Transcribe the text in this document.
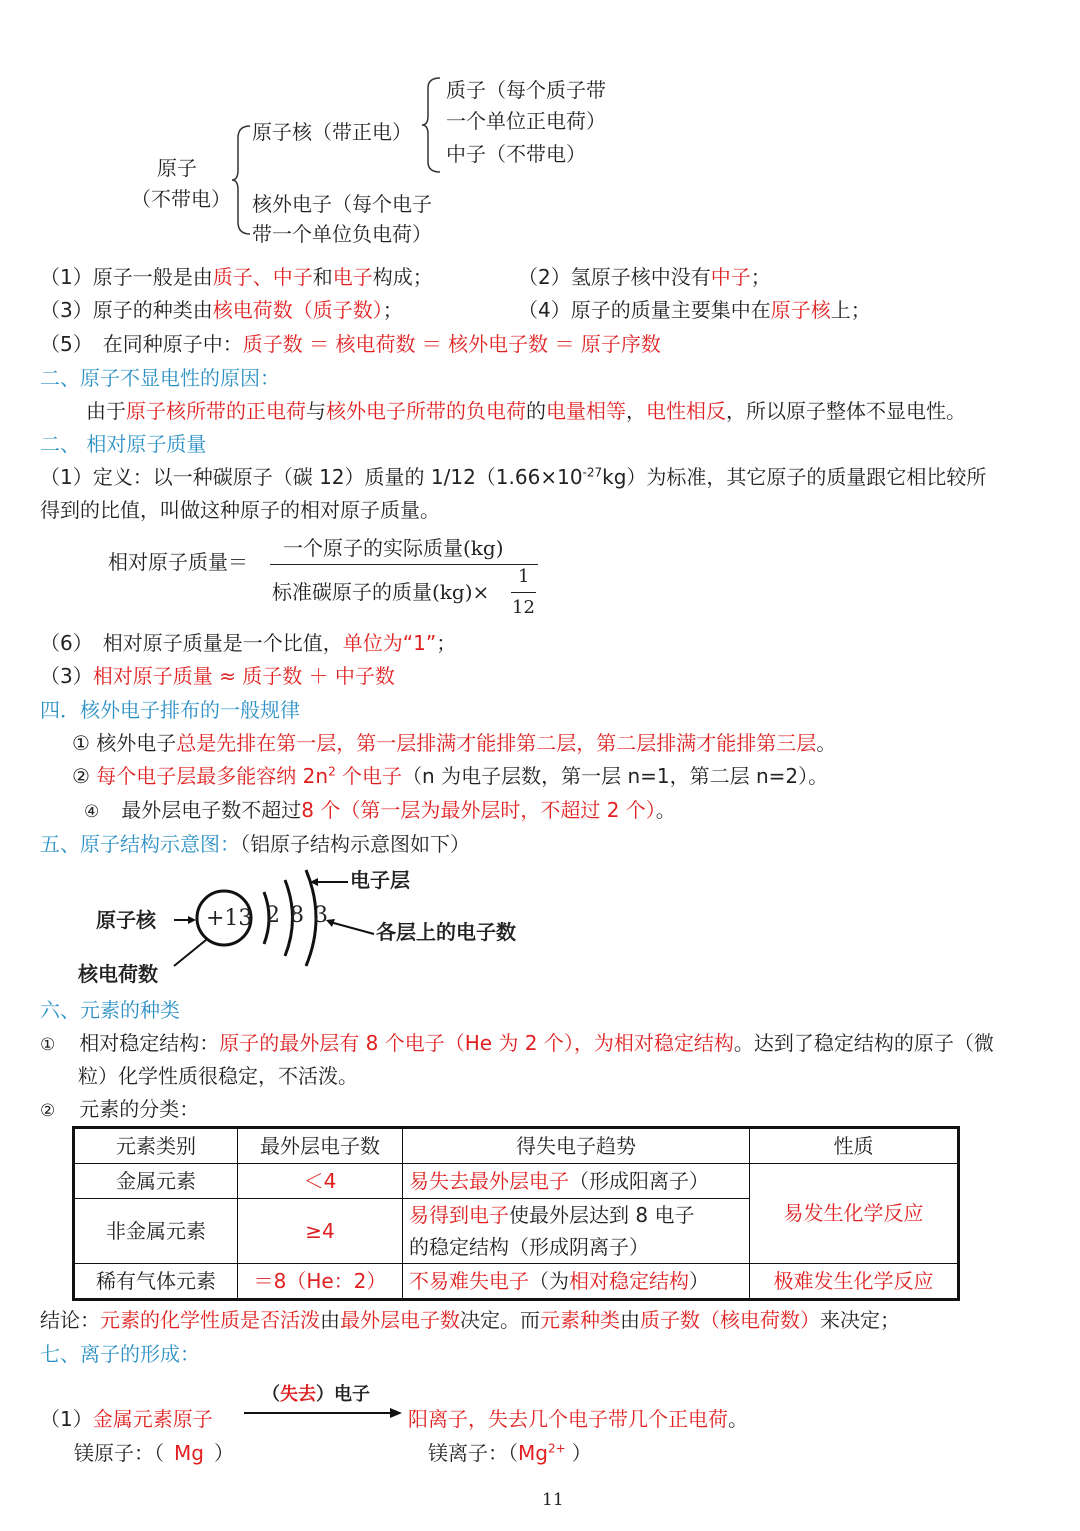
原子
（不带电）
原子核（带正电）
质子（每个质子带
一个单位正电荷）
中子（不带电）
核外电子（每个电子
带一个单位负电荷）
（1）原子一般是由质子、中子和电子构成；	（2）氢原子核中没有中子；
（3）原子的种类由核电荷数（质子数）；	（4）原子的质量主要集中在原子核上；
（5）　在同种原子中：质子数 ＝ 核电荷数 ＝ 核外电子数 ＝ 原子序数
二、原子不显电性的原因：
由于原子核所带的正电荷与核外电子所带的负电荷的电量相等，电性相反，所以原子整体不显电性。
二、 相对原子质量
（1）定义：以一种碳原子（碳 12）质量的 $1/12(1.66\times 10^{-27}kg)$为标准，其它原子的质量跟它相比较所
得到的比值，叫做这种原子的相对原子质量。
相对原子质量＝
一个原子的实际质量(kg)
标准碳原子的质量(kg)×
1
12
（6）　相对原子质量是一个比值，单位为“1”；
（3）相对原子质量 ≈ 质子数 ＋ 中子数
四．核外电子排布的一般规律
① 核外电子总是先排在第一层，第一层排满才能排第二层，第二层排满才能排第三层。
② 每个电子层最多能容纳 $2n^2$ 个电子（n 为电子层数，第一层 n=1，第二层 n=2）。
④ 最外层电子数不超过8 个（第一层为最外层时，不超过 2 个）。
五、原子结构示意图：（铝原子结构示意图如下）
原子核
电子层
各层上的电子数
核电荷数
+13 2 8 3
六、元素的种类
① 相对稳定结构：原子的最外层有 8 个电子（He 为 2 个），为相对稳定结构。达到了稳定结构的原子（微
粒）化学性质很稳定，不活泼。
② 元素的分类：
元素类别	最外层电子数	得失电子趋势	性质
金属元素	＜4	易失去最外层电子（形成阳离子）	易发生化学反应
非金属元素	≥4	易得到电子使最外层达到 8 电子
的稳定结构（形成阴离子）	
稀有气体元素	＝8（He：2）	不易难失电子（为相对稳定结构）	极难发生化学反应
结论：元素的化学性质是否活泼由最外层电子数决定。而元素种类由质子数（核电荷数）来决定；
七、离子的形成：
（失去）电子
（1）金属元素原子	阳离子，失去几个电子带几个正电荷。
镁原子：（ Mg ）	镁离子：（$Mg^{2+}$ ）
11
